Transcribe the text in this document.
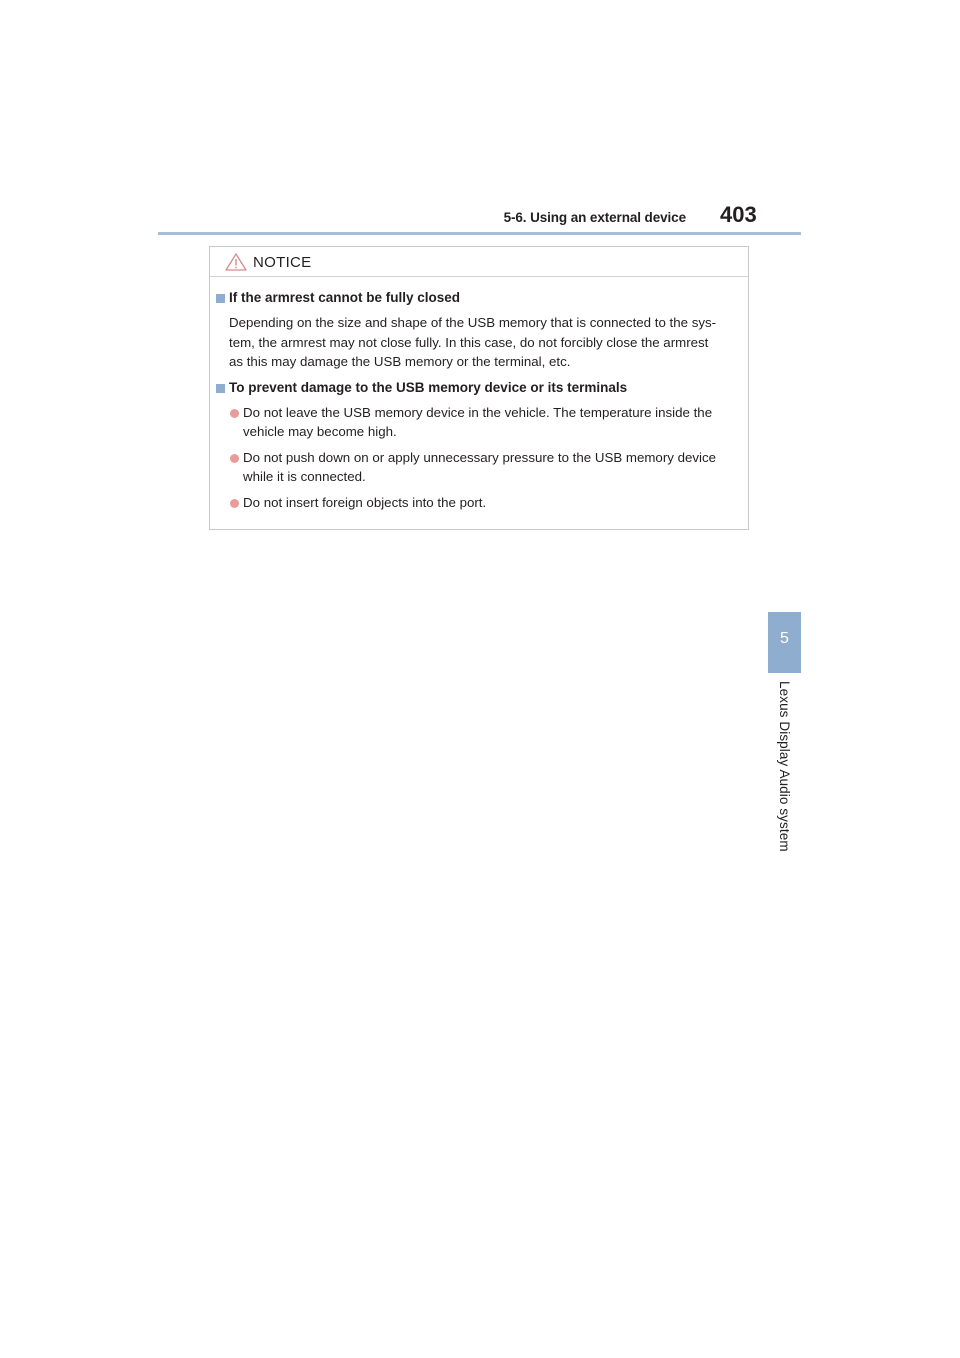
5-6. Using an external device 403
5
Lexus Display Audio system
NOTICE
If the armrest cannot be fully closed
Depending on the size and shape of the USB memory that is connected to the sys-
tem, the armrest may not close fully. In this case, do not forcibly close the armrest
as this may damage the USB memory or the terminal, etc.
To prevent damage to the USB memory device or its terminals
Do not leave the USB memory device in the vehicle. The temperature inside the
vehicle may become high.
Do not push down on or apply unnecessary pressure to the USB memory device
while it is connected.
Do not insert foreign objects into the port.
